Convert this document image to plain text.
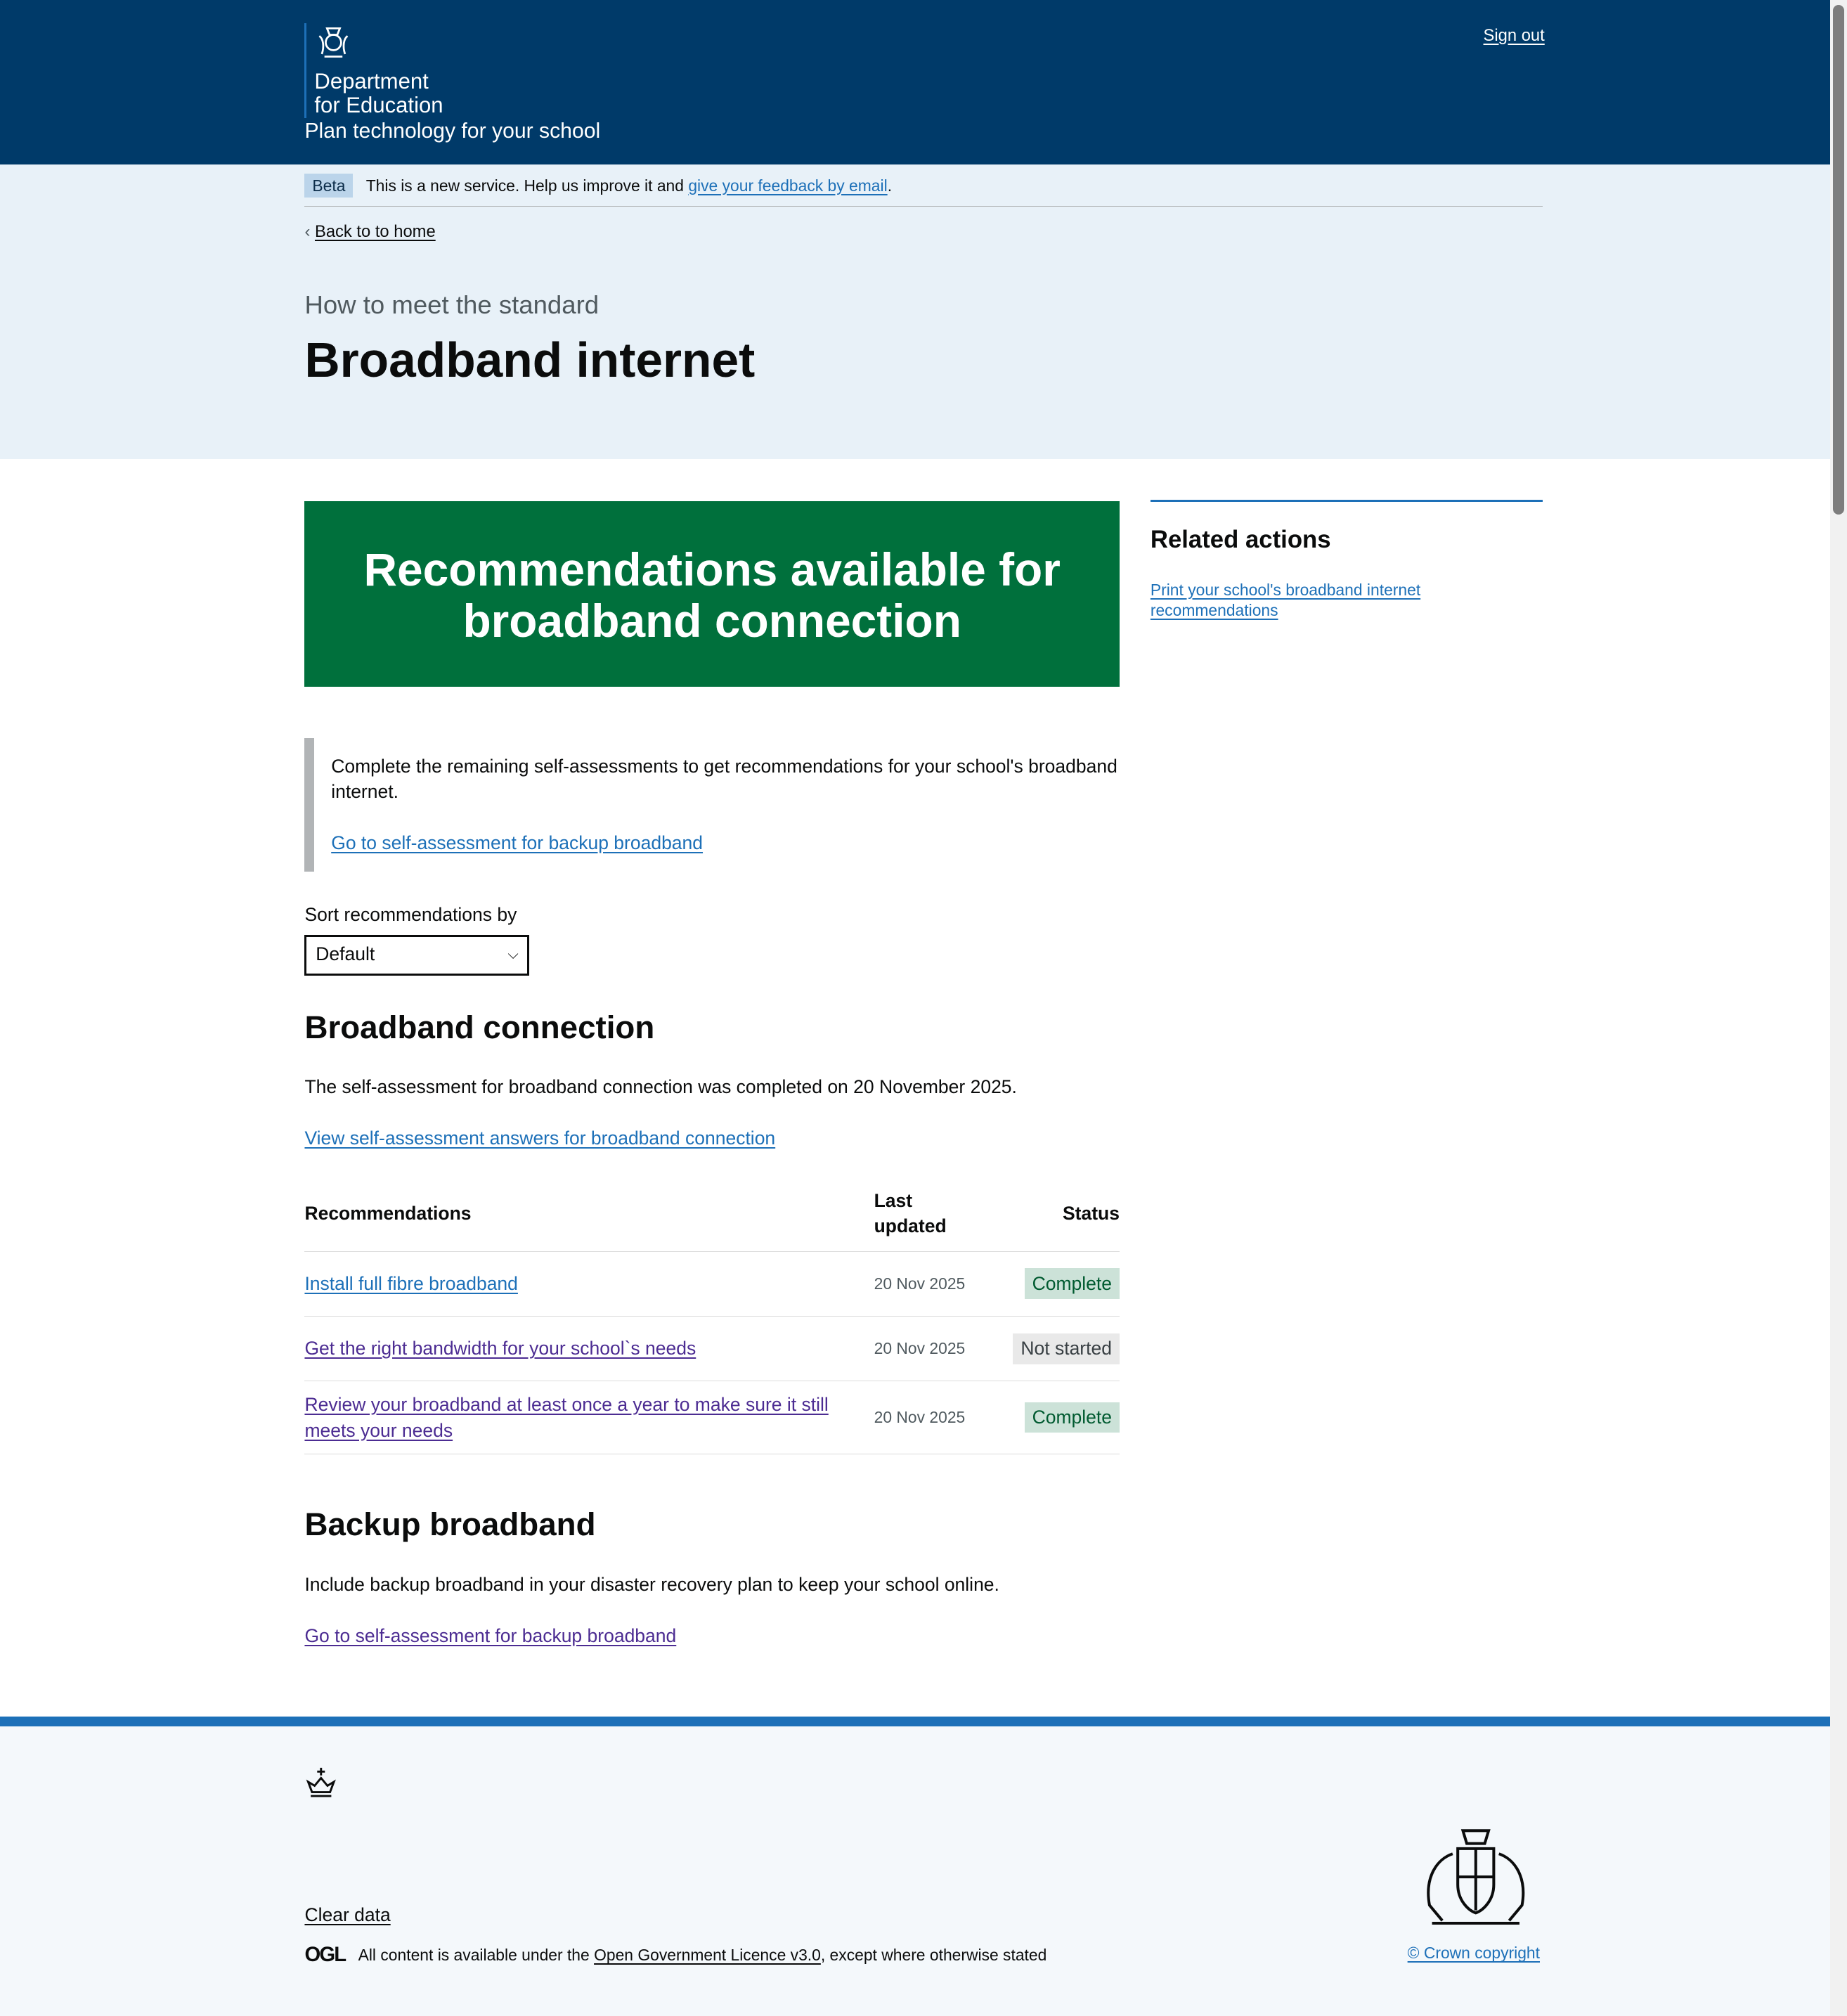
Department
for Education
Plan technology for your school
Sign out
Beta	This is a new service. Help us improve it and give your feedback by email.
‹ Back to to home
How to meet the standard
Broadband internet
Recommendations available for broadband connection
Related actions
Print your school's broadband internet recommendations
Complete the remaining self-assessments to get recommendations for your school's broadband internet.
Go to self-assessment for backup broadband
Sort recommendations by
Default	⌵
Broadband connection
The self-assessment for broadband connection was completed on 20 November 2025.
View self-assessment answers for broadband connection
Recommendations	Last updated	Status
Install full fibre broadband	20 Nov 2025	Complete
Get the right bandwidth for your school`s needs	20 Nov 2025	Not started
Review your broadband at least once a year to make sure it still meets your needs	20 Nov 2025	Complete
Backup broadband
Include backup broadband in your disaster recovery plan to keep your school online.
Go to self-assessment for backup broadband
Clear data
OGL All content is available under the Open Government Licence v3.0, except where otherwise stated	© Crown copyright
